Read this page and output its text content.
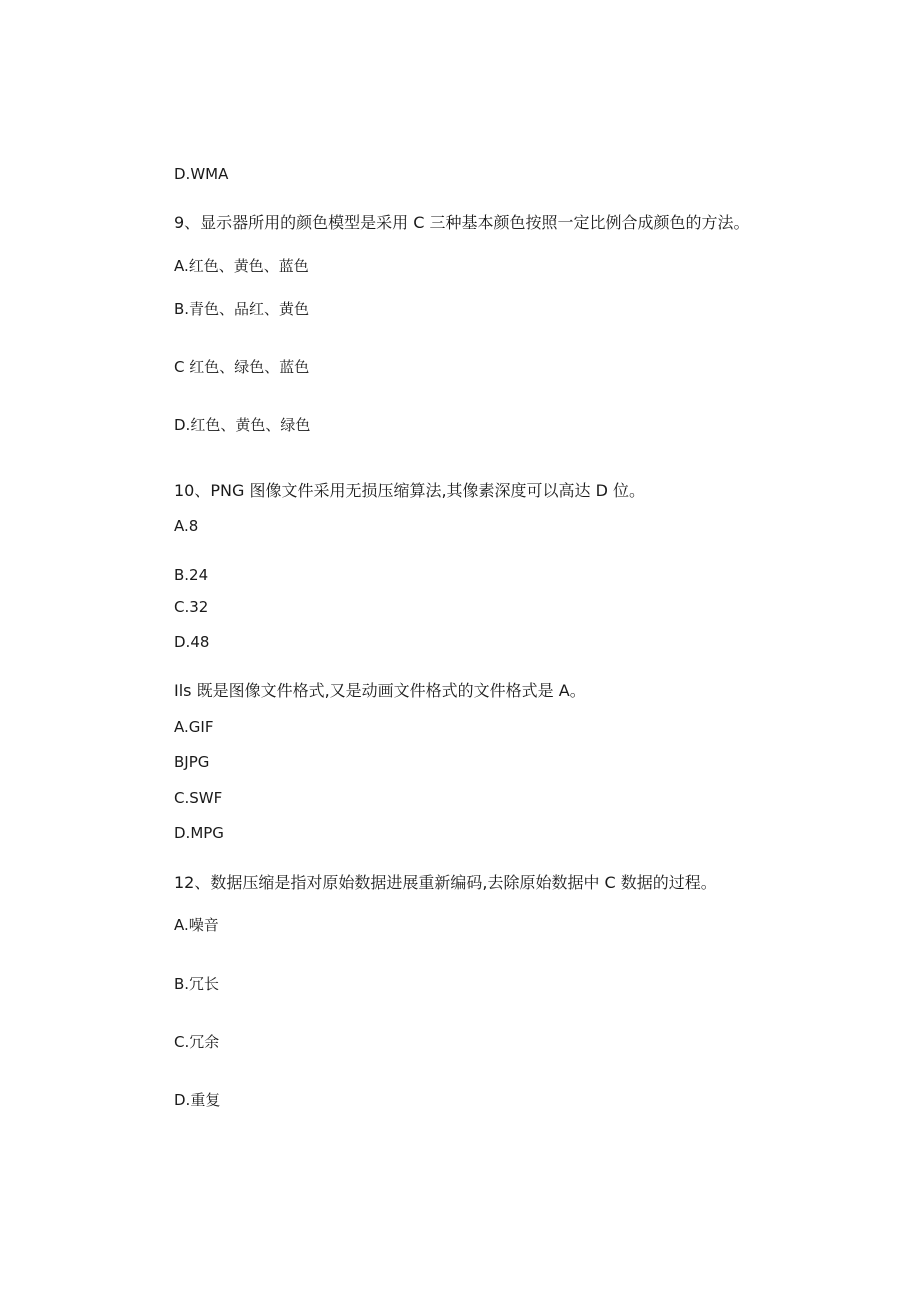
D.WMA
9、显示器所用的颜色模型是采用 C 三种基本颜色按照一定比例合成颜色的方法。
A.红色、黄色、蓝色
B.青色、品红、黄色
C 红色、绿色、蓝色
D.红色、黄色、绿色
10、PNG 图像文件采用无损压缩算法,其像素深度可以高达 D 位。
A.8
B.24
C.32
D.48
Ils 既是图像文件格式,又是动画文件格式的文件格式是 A。
A.GIF
BJPG
C.SWF
D.MPG
12、数据压缩是指对原始数据进展重新编码,去除原始数据中 C 数据的过程。
A.噪音
B.冗长
C.冗余
D.重复
